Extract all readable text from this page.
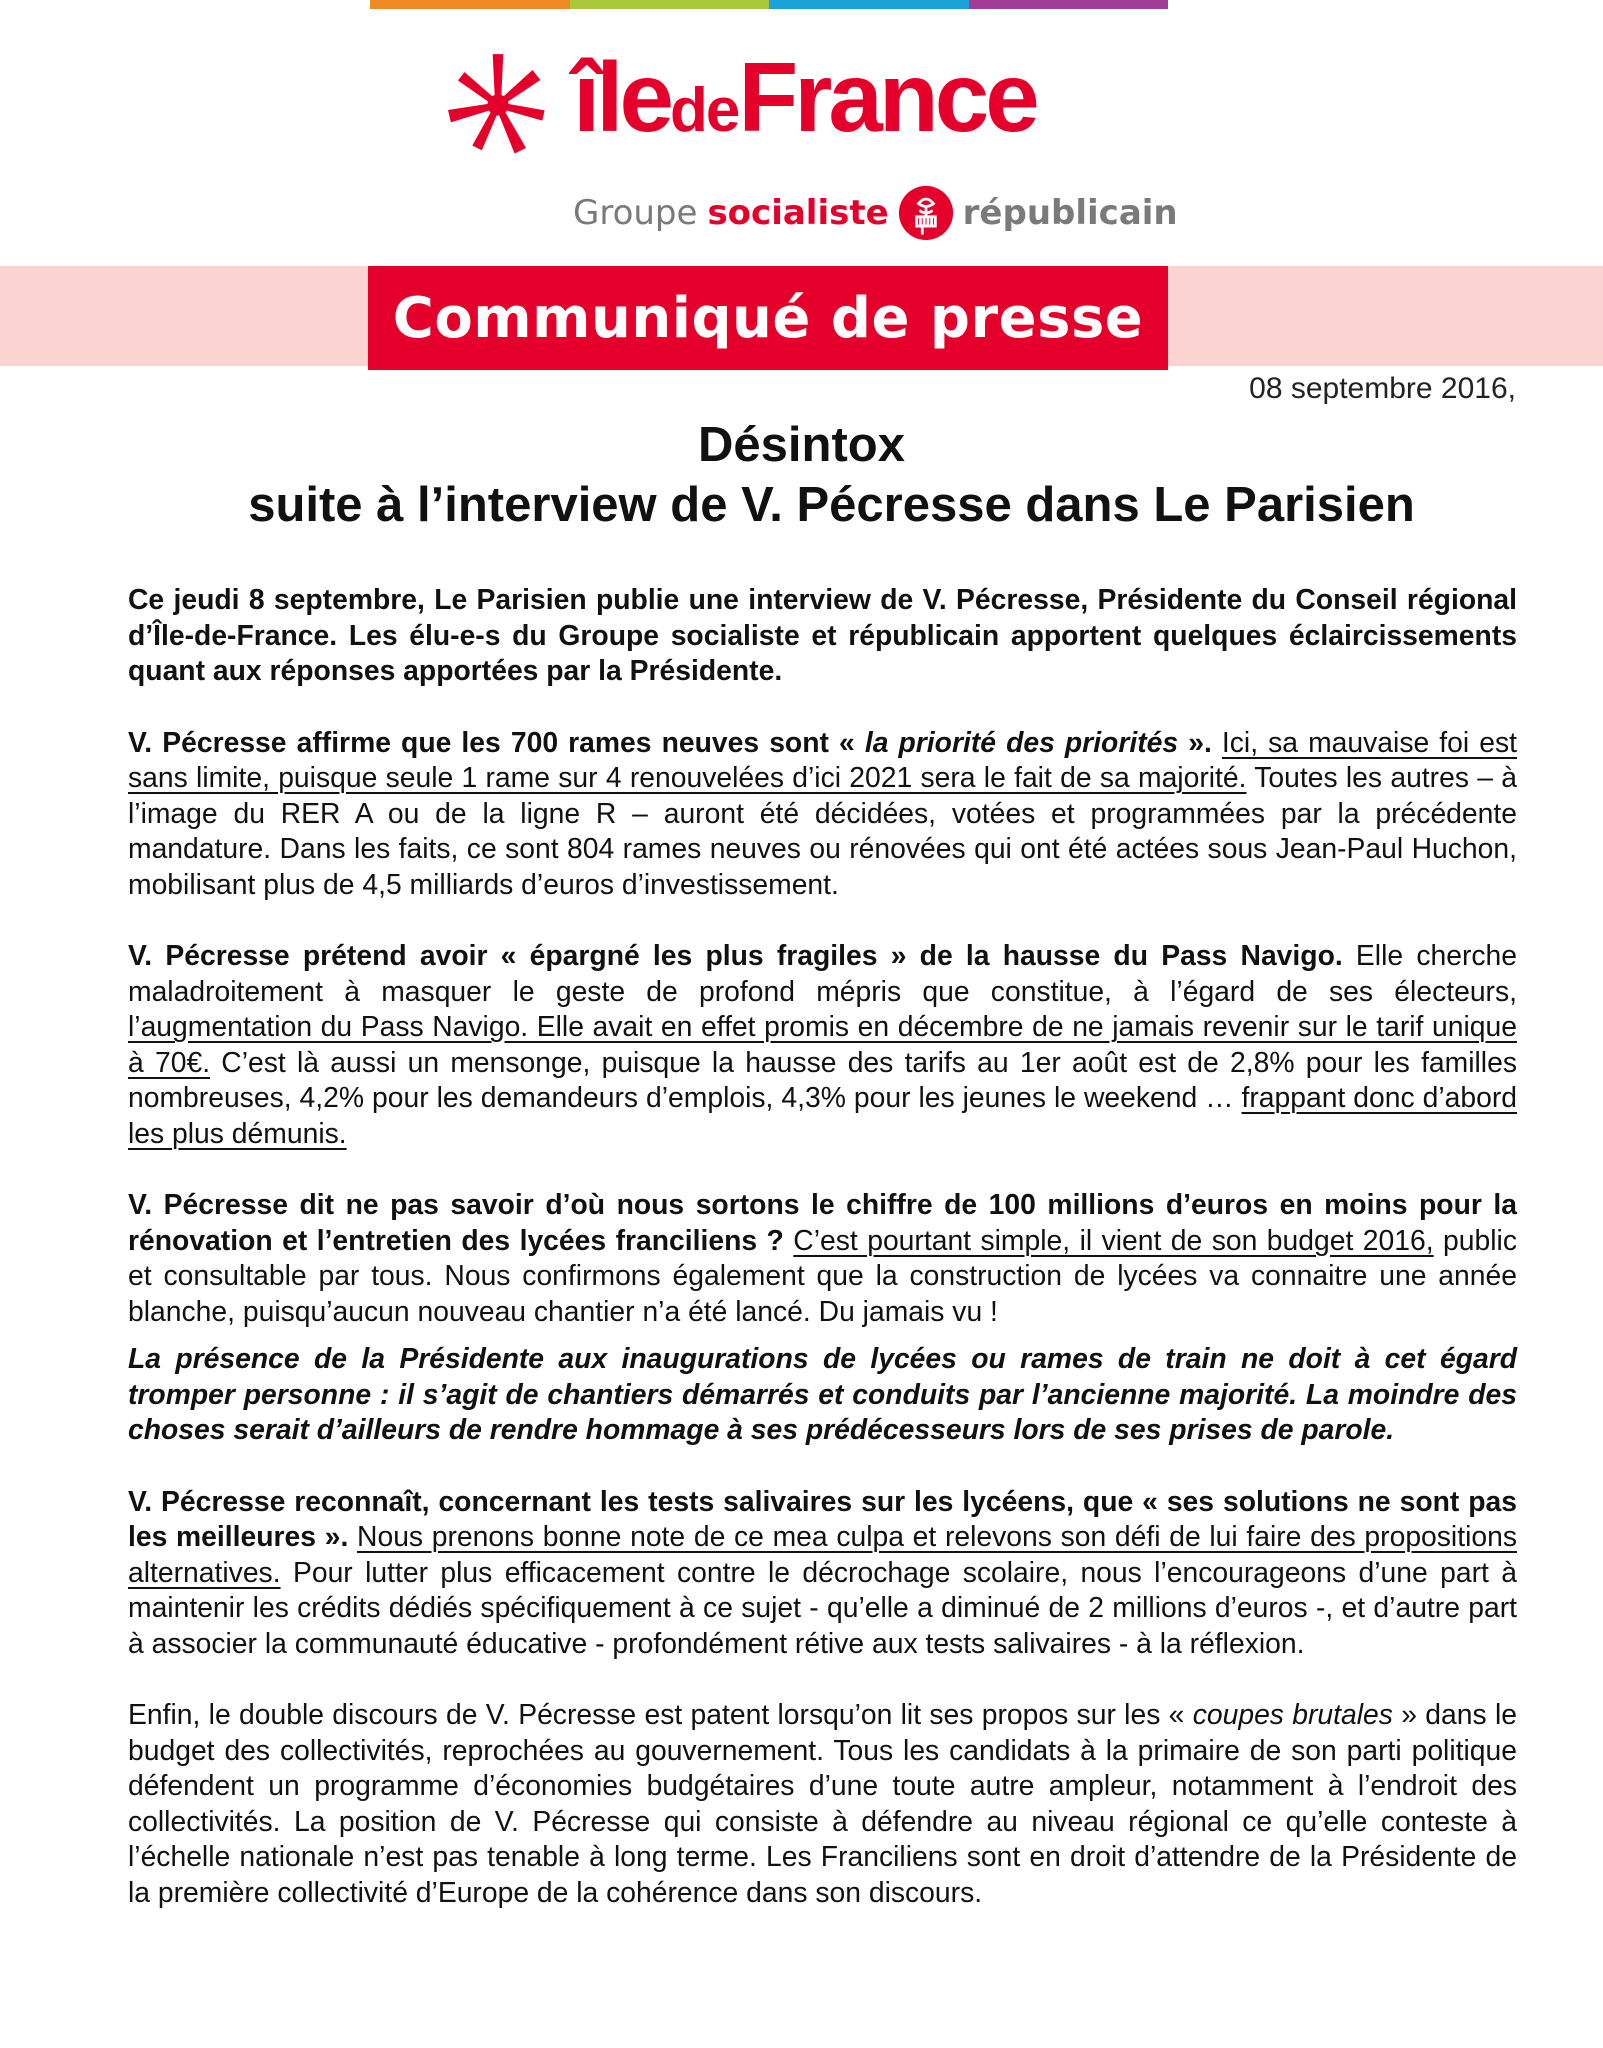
îledeFrance
Groupe socialiste républicain
Communiqué de presse
08 septembre 2016,
Désintox
suite à l’interview de V. Pécresse dans Le Parisien

Ce jeudi 8 septembre, Le Parisien publie une interview de V. Pécresse, Présidente du Conseil régional d’Île-de-France. Les élu-e-s du Groupe socialiste et républicain apportent quelques éclaircissements quant aux réponses apportées par la Présidente.

V. Pécresse affirme que les 700 rames neuves sont « la priorité des priorités ». Ici, sa mauvaise foi est sans limite, puisque seule 1 rame sur 4 renouvelées d’ici 2021 sera le fait de sa majorité. Toutes les autres – à l’image du RER A ou de la ligne R – auront été décidées, votées et programmées par la précédente mandature. Dans les faits, ce sont 804 rames neuves ou rénovées qui ont été actées sous Jean-Paul Huchon, mobilisant plus de 4,5 milliards d’euros d’investissement.

V. Pécresse prétend avoir « épargné les plus fragiles » de la hausse du Pass Navigo. Elle cherche maladroitement à masquer le geste de profond mépris que constitue, à l’égard de ses électeurs, l’augmentation du Pass Navigo. Elle avait en effet promis en décembre de ne jamais revenir sur le tarif unique à 70€. C’est là aussi un mensonge, puisque la hausse des tarifs au 1er août est de 2,8% pour les familles nombreuses, 4,2% pour les demandeurs d’emplois, 4,3% pour les jeunes le weekend … frappant donc d’abord les plus démunis.

V. Pécresse dit ne pas savoir d’où nous sortons le chiffre de 100 millions d’euros en moins pour la rénovation et l’entretien des lycées franciliens ? C’est pourtant simple, il vient de son budget 2016, public et consultable par tous. Nous confirmons également que la construction de lycées va connaitre une année blanche, puisqu’aucun nouveau chantier n’a été lancé. Du jamais vu !

La présence de la Présidente aux inaugurations de lycées ou rames de train ne doit à cet égard tromper personne : il s’agit de chantiers démarrés et conduits par l’ancienne majorité. La moindre des choses serait d’ailleurs de rendre hommage à ses prédécesseurs lors de ses prises de parole.

V. Pécresse reconnaît, concernant les tests salivaires sur les lycéens, que « ses solutions ne sont pas les meilleures ». Nous prenons bonne note de ce mea culpa et relevons son défi de lui faire des propositions alternatives. Pour lutter plus efficacement contre le décrochage scolaire, nous l’encourageons d’une part à maintenir les crédits dédiés spécifiquement à ce sujet - qu’elle a diminué de 2 millions d’euros -, et d’autre part à associer la communauté éducative - profondément rétive aux tests salivaires - à la réflexion.

Enfin, le double discours de V. Pécresse est patent lorsqu’on lit ses propos sur les « coupes brutales » dans le budget des collectivités, reprochées au gouvernement. Tous les candidats à la primaire de son parti politique défendent un programme d’économies budgétaires d’une toute autre ampleur, notamment à l’endroit des collectivités. La position de V. Pécresse qui consiste à défendre au niveau régional ce qu’elle conteste à l’échelle nationale n’est pas tenable à long terme. Les Franciliens sont en droit d’attendre de la Présidente de la première collectivité d’Europe de la cohérence dans son discours.
